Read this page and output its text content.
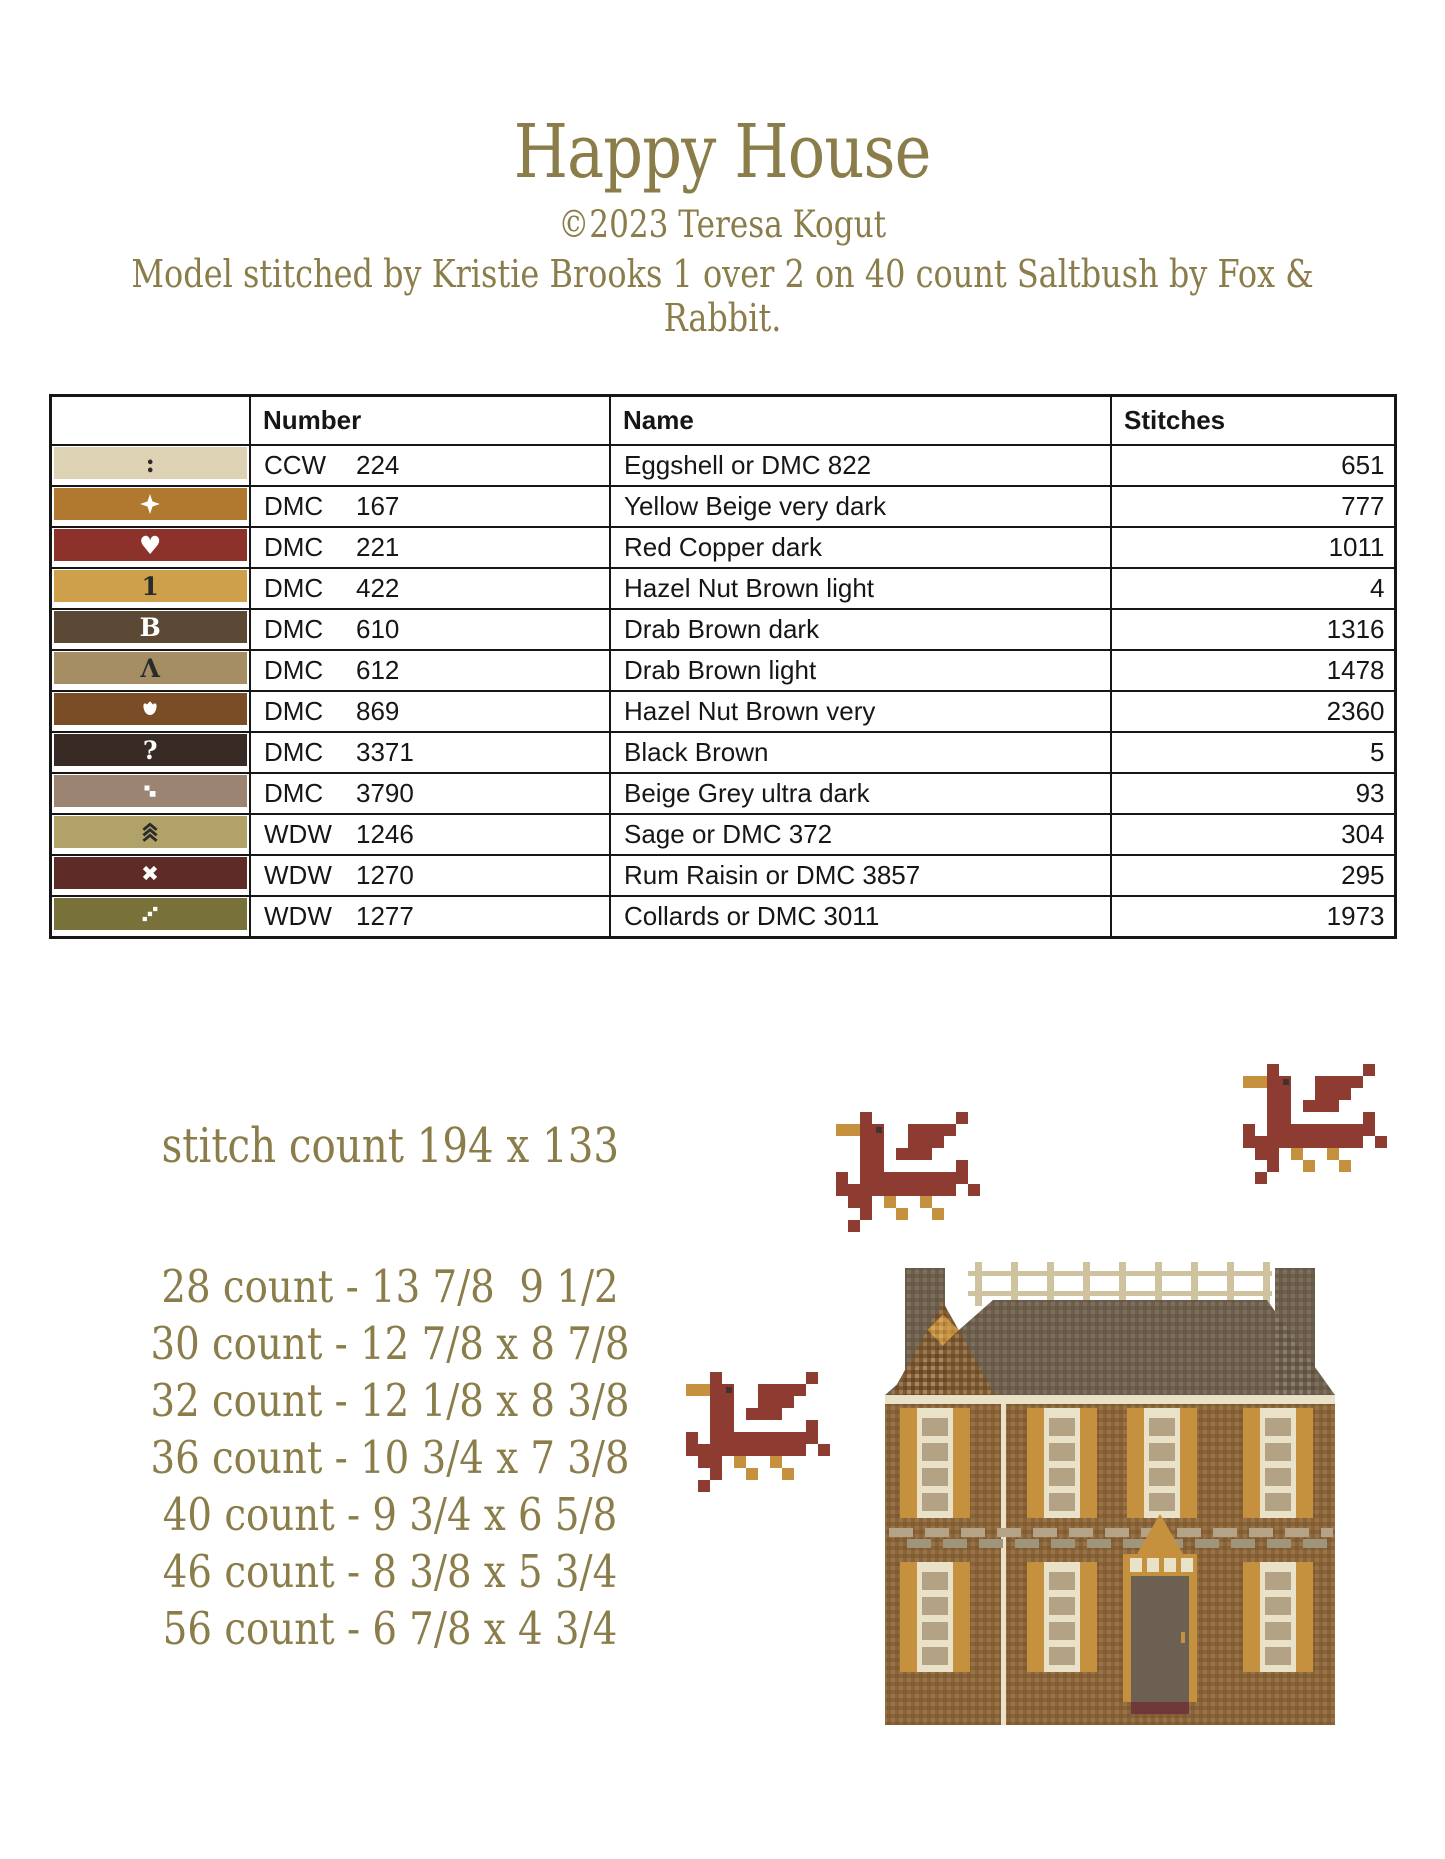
Happy House
©2023 Teresa Kogut
Model stitched by Kristie Brooks 1 over 2 on 40 count Saltbush by Fox & Rabbit.
	Number	Name	Stitches

:	CCW 224	Eggshell or DMC 822	651

	DMC 167	Yellow Beige very dark	777

♥	DMC 221	Red Copper dark	1011

1	DMC 422	Hazel Nut Brown light	4

B	DMC 610	Drab Brown dark	1316

Λ	DMC 612	Drab Brown light	1478

	DMC 869	Hazel Nut Brown very	2360

?	DMC 3371	Black Brown	5

	DMC 3790	Beige Grey ultra dark	93

	WDW 1246	Sage or DMC 372	304

	WDW 1270	Rum Raisin or DMC 3857	295

	WDW 1277	Collards or DMC 3011	1973
stitch count 194 x 133
28 count - 13 7/8  9 1/2
30 count - 12 7/8 x 8 7/8
32 count - 12 1/8 x 8 3/8
36 count - 10 3/4 x 7 3/8
40 count - 9 3/4 x 6 5/8
46 count - 8 3/8 x 5 3/4
56 count - 6 7/8 x 4 3/4
